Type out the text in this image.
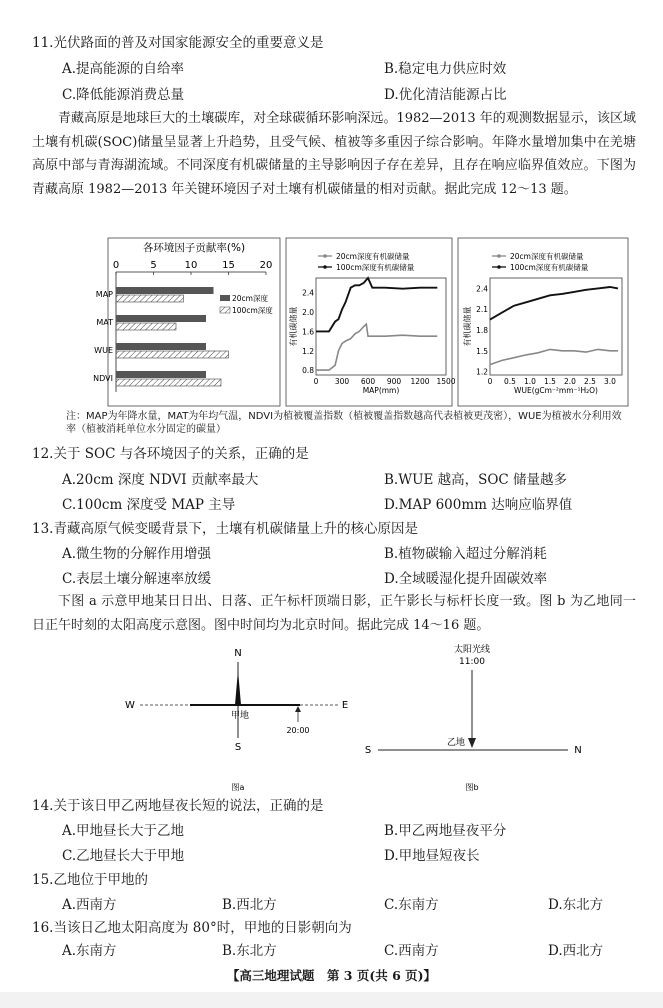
11.光伏路面的普及对国家能源安全的重要意义是
A.提高能源的自给率	B.稳定电力供应时效
C.降低能源消费总量	D.优化清洁能源占比
青藏高原是地球巨大的土壤碳库，对全球碳循环影响深远。1982—2013 年的观测数据显示，该区域土壤有机碳(SOC)储量呈显著上升趋势，且受气候、植被等多重因子综合影响。年降水量增加集中在羌塘高原中部与青海湖流域。不同深度有机碳储量的主导影响因子存在差异，且存在响应临界值效应。下图为青藏高原 1982—2013 年关键环境因子对土壤有机碳储量的相对贡献。据此完成 12～13 题。
各环境因子贡献率(%)
0	5	10 15 20
MAP
MAT
WUE
NDVI
20cm深度
100cm深度
0 300 600 900 1200 1500
0.8
1.2
1.6
2.0
2.4
MAP(mm)
有机碳储量
20cm深度有机碳储量
100cm深度有机碳储量
0 0.5 1.0 1.5 2.0 2.5 3.0
1.2
1.5
1.8
2.1
2.4
WUE(gCm⁻²mm⁻¹H₂O)
有机碳储量
20cm深度有机碳储量
100cm深度有机碳储量
注：MAP为年降水量，MAT为年均气温，NDVI为植被覆盖指数（植被覆盖指数越高代表植被更茂密），WUE为植被水分利用效率（植被消耗单位水分固定的碳量）
12.关于 SOC 与各环境因子的关系，正确的是
A.20cm 深度 NDVI 贡献率最大	B.WUE 越高，SOC 储量越多
C.100cm 深度受 MAP 主导	D.MAP 600mm 达响应临界值
13.青藏高原气候变暖背景下，土壤有机碳储量上升的核心原因是
A.微生物的分解作用增强	B.植物碳输入超过分解消耗
C.表层土壤分解速率放缓	D.全域暖湿化提升固碳效率
下图 a 示意甲地某日日出、日落、正午标杆顶端日影，正午影长与标杆长度一致。图 b 为乙地同一日正午时刻的太阳高度示意图。图中时间均为北京时间。据此完成 14～16 题。
N
S
W	E
甲地
20:00
图a
太阳光线
11:00
S	N
乙地
图b
14.关于该日甲乙两地昼夜长短的说法，正确的是
A.甲地昼长大于乙地	B.甲乙两地昼夜平分
C.乙地昼长大于甲地	D.甲地昼短夜长
15.乙地位于甲地的
A.西南方	B.西北方	C.东南方	D.东北方
16.当该日乙地太阳高度为 80°时，甲地的日影朝向为
A.东南方	B.东北方	C.西南方	D.西北方
【高三地理试题　第 3 页(共 6 页)】
